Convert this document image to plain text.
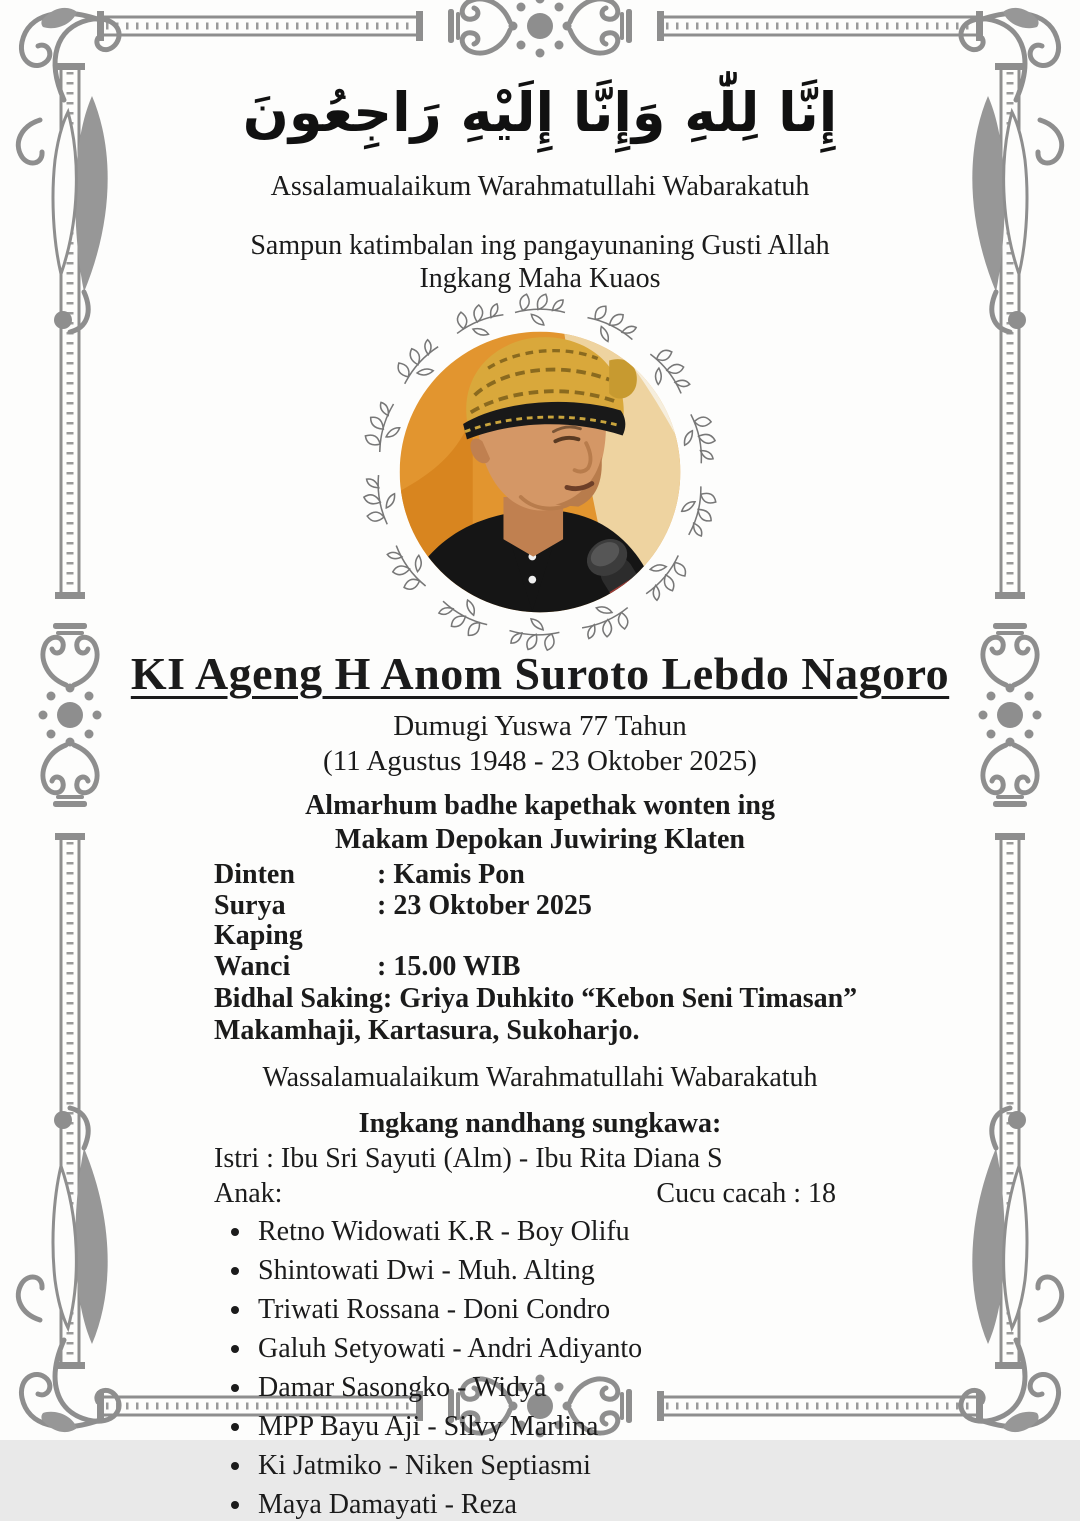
إِنَّا لِلّٰهِ وَإِنَّا إِلَيْهِ رَاجِعُونَ

Assalamualaikum Warahmatullahi Wabarakatuh

Sampun katimbalan ing pangayunaning Gusti Allah
Ingkang Maha Kuaos

KI Ageng H Anom Suroto Lebdo Nagoro
Dumugi Yuswa 77 Tahun
(11 Agustus 1948 - 23 Oktober 2025)
Almarhum badhe kapethak wonten ing
Makam Depokan Juwiring Klaten
Dinten	: Kamis Pon
Surya Kaping
: 23 Oktober 2025
Wanci	: 15.00 WIB
Bidhal Saking: Griya Duhkito “Kebon Seni Timasan”
Makamhaji, Kartasura, Sukoharjo.

Wassalamualaikum Warahmatullahi Wabarakatuh

Ingkang nandhang sungkawa:
Istri : Ibu Sri Sayuti (Alm) - Ibu Rita Diana S
Anak:	Cucu cacah : 18
• Retno Widowati K.R - Boy Olifu
• Shintowati Dwi - Muh. Alting
• Triwati Rossana - Doni Condro
• Galuh Setyowati - Andri Adiyanto
• Damar Sasongko - Widya
• MPP Bayu Aji - Silvy Marlina
• Ki Jatmiko - Niken Septiasmi
• Maya Damayati - Reza
